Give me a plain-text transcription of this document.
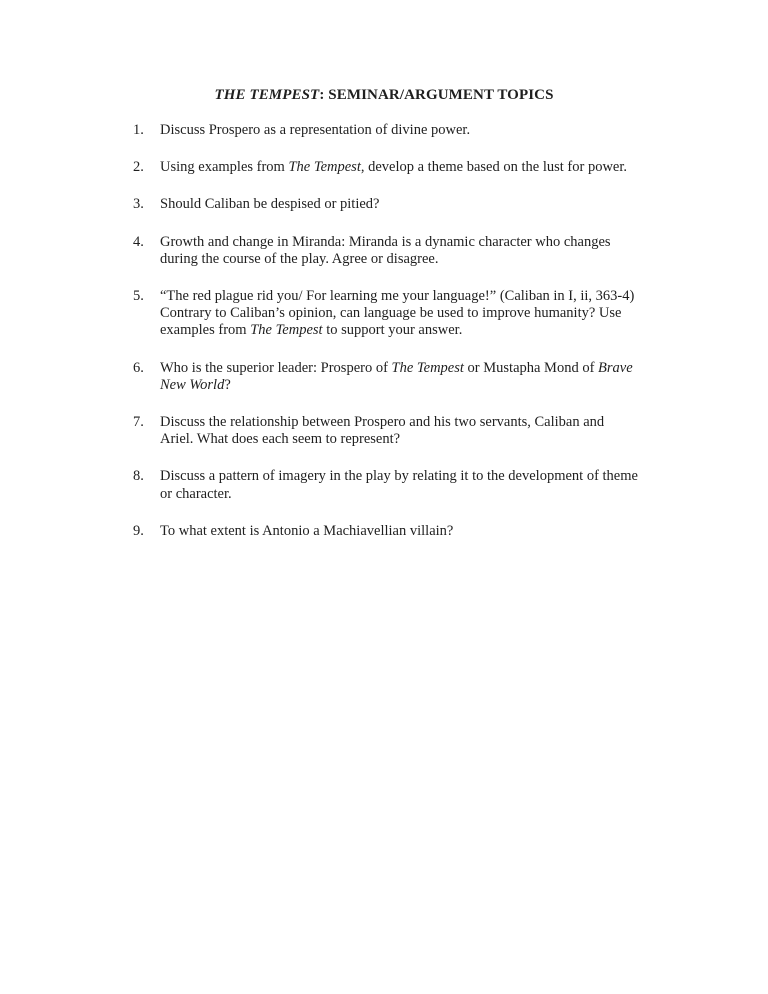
THE TEMPEST: SEMINAR/ARGUMENT TOPICS
1.	Discuss Prospero as a representation of divine power.
2.	Using examples from The Tempest, develop a theme based on the lust for power.
3.	Should Caliban be despised or pitied?
4.	Growth and change in Miranda: Miranda is a dynamic character who changes
during the course of the play. Agree or disagree.
5.	“The red plague rid you/ For learning me your language!” (Caliban in I, ii, 363-4)
Contrary to Caliban’s opinion, can language be used to improve humanity? Use
examples from The Tempest to support your answer.
6.	Who is the superior leader: Prospero of The Tempest or Mustapha Mond of Brave
New World?
7.	Discuss the relationship between Prospero and his two servants, Caliban and
Ariel. What does each seem to represent?
8.	Discuss a pattern of imagery in the play by relating it to the development of theme
or character.
9.	To what extent is Antonio a Machiavellian villain?
